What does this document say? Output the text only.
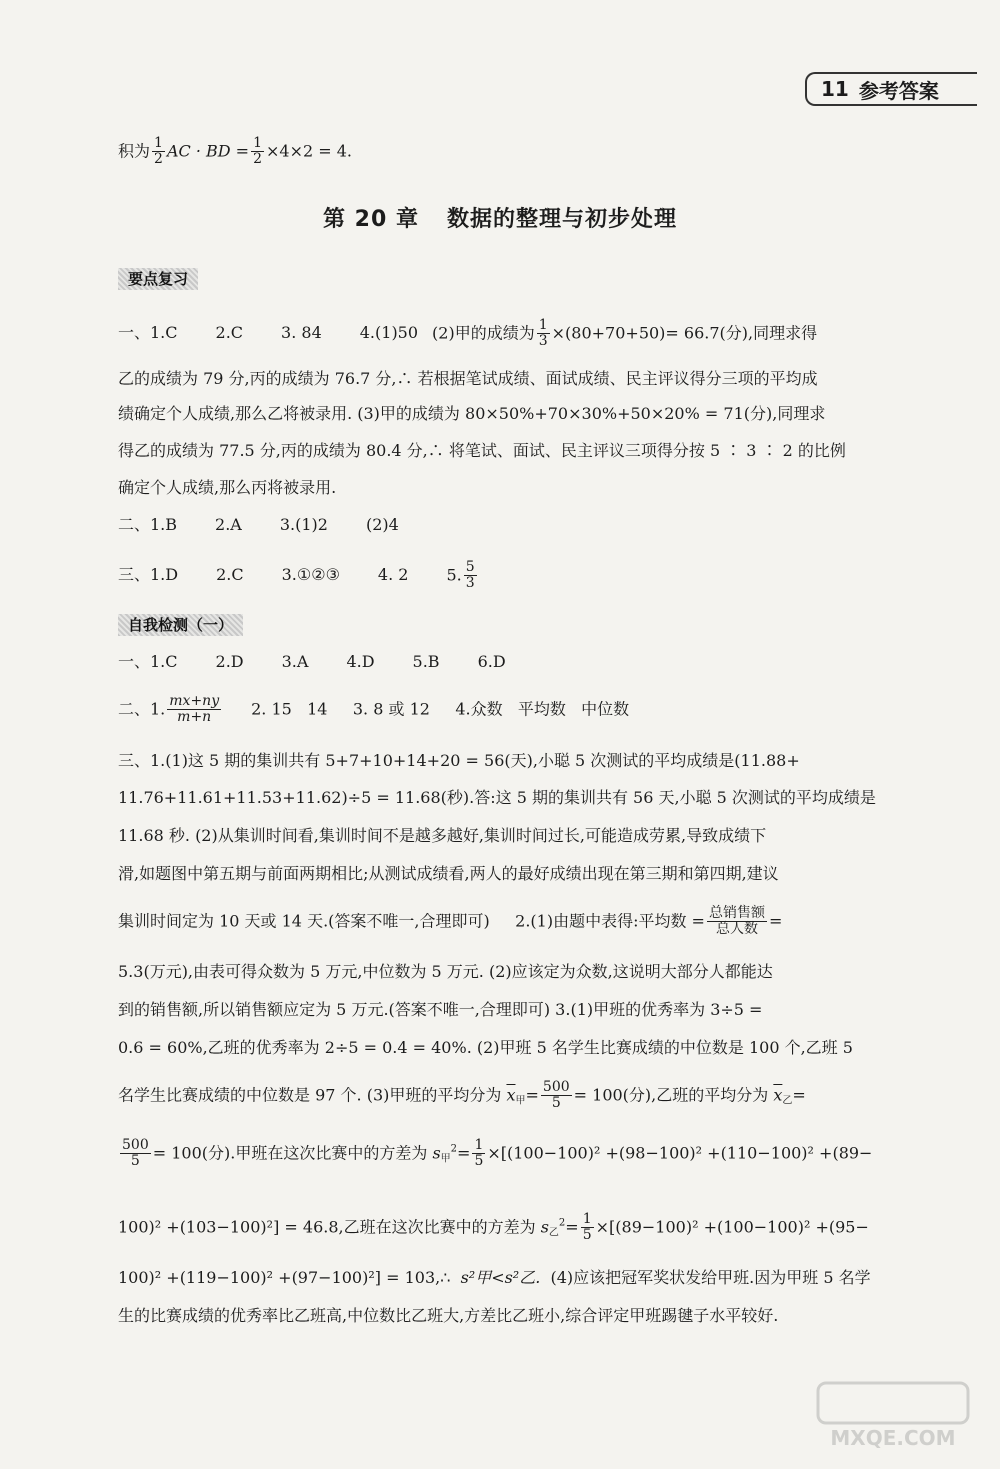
11 参考答案
积为 $\frac{1}{2}$ AC · BD = $\frac{1}{2} \times 4\times 2 = 4$.
第 20 章 数据的整理与初步处理
要点复习
一、1.C 2.C 3. 84 4.(1)50 (2)甲的成绩为 $\frac{1}{3} \times(80+70+50)= 66.7$(分),同理求得
乙的成绩为 79 分,丙的成绩为 76.7 分,∴ 若根据笔试成绩、面试成绩、民主评议得分三项的平均成
绩确定个人成绩,那么乙将被录用. (3)甲的成绩为 80×50%+70×30%+50×20% = 71(分),同理求
得乙的成绩为 77.5 分,丙的成绩为 80.4 分,∴ 将笔试、面试、民主评议三项得分按 5 ∶ 3 ∶ 2 的比例
确定个人成绩,那么丙将被录用.
二、1.B 2.A 3.(1)2 (2)4
三、1.D 2.C 3.①②③ 4. 2 5. $\frac{5}{3}$
自我检测（一）
一、1.C 2.D 3.A 4.D 5.B 6.D
二、1. $\frac{mx+ny}{m+n} 2$. 15   14     3. 8 或 12     4.众数   平均数   中位数
三、1.(1)这 5 期的集训共有 5+7+10+14+20 = 56(天),小聪 5 次测试的平均成绩是(11.88+
11.76+11.61+11.53+11.62)÷5 = 11.68(秒).答:这 5 期的集训共有 56 天,小聪 5 次测试的平均成绩是
11.68 秒. (2)从集训时间看,集训时间不是越多越好,集训时间过长,可能造成劳累,导致成绩下
滑,如题图中第五期与前面两期相比;从测试成绩看,两人的最好成绩出现在第三期和第四期,建议
集训时间定为 10 天或 14 天.(答案不唯一,合理即可)     2.(1)由题中表得:平均数 = $\frac{\text{总销售额}}{\text{总人数}}$ =
5.3(万元),由表可得众数为 5 万元,中位数为 5 万元. (2)应该定为众数,这说明大部分人都能达
到的销售额,所以销售额应定为 5 万元.(答案不唯一,合理即可) 3.(1)甲班的优秀率为 3÷5 =
0.6 = 60%,乙班的优秀率为 2÷5 = 0.4 = 40%. (2)甲班 5 名学生比赛成绩的中位数是 100 个,乙班 5
名学生比赛成绩的中位数是 97 个. (3)甲班的平均分为 $\overline{x}_甲= \frac{500}{5} = 100$(分),乙班的平均分为 $\overline{x}_乙=$
$\frac{500}{5} = 100$(分).甲班在这次比赛中的方差为 $s_甲^2= \frac{1}{5} \times[(100-100)^2 +(98-100)^2 +(110-100)^2 +(89-$
100)² +(103−100)²] = 46.8,乙班在这次比赛中的方差为 $s_乙^2= \frac{1}{5} \times[(89-100)^2 +(100-100)^2 +(95-$
100)² +(119−100)² +(97−100)²] = 103,∴ s²甲<s²乙. (4)应该把冠军奖状发给甲班.因为甲班 5 名学
生的比赛成绩的优秀率比乙班高,中位数比乙班大,方差比乙班小,综合评定甲班踢毽子水平较好.
MXQE.COM
